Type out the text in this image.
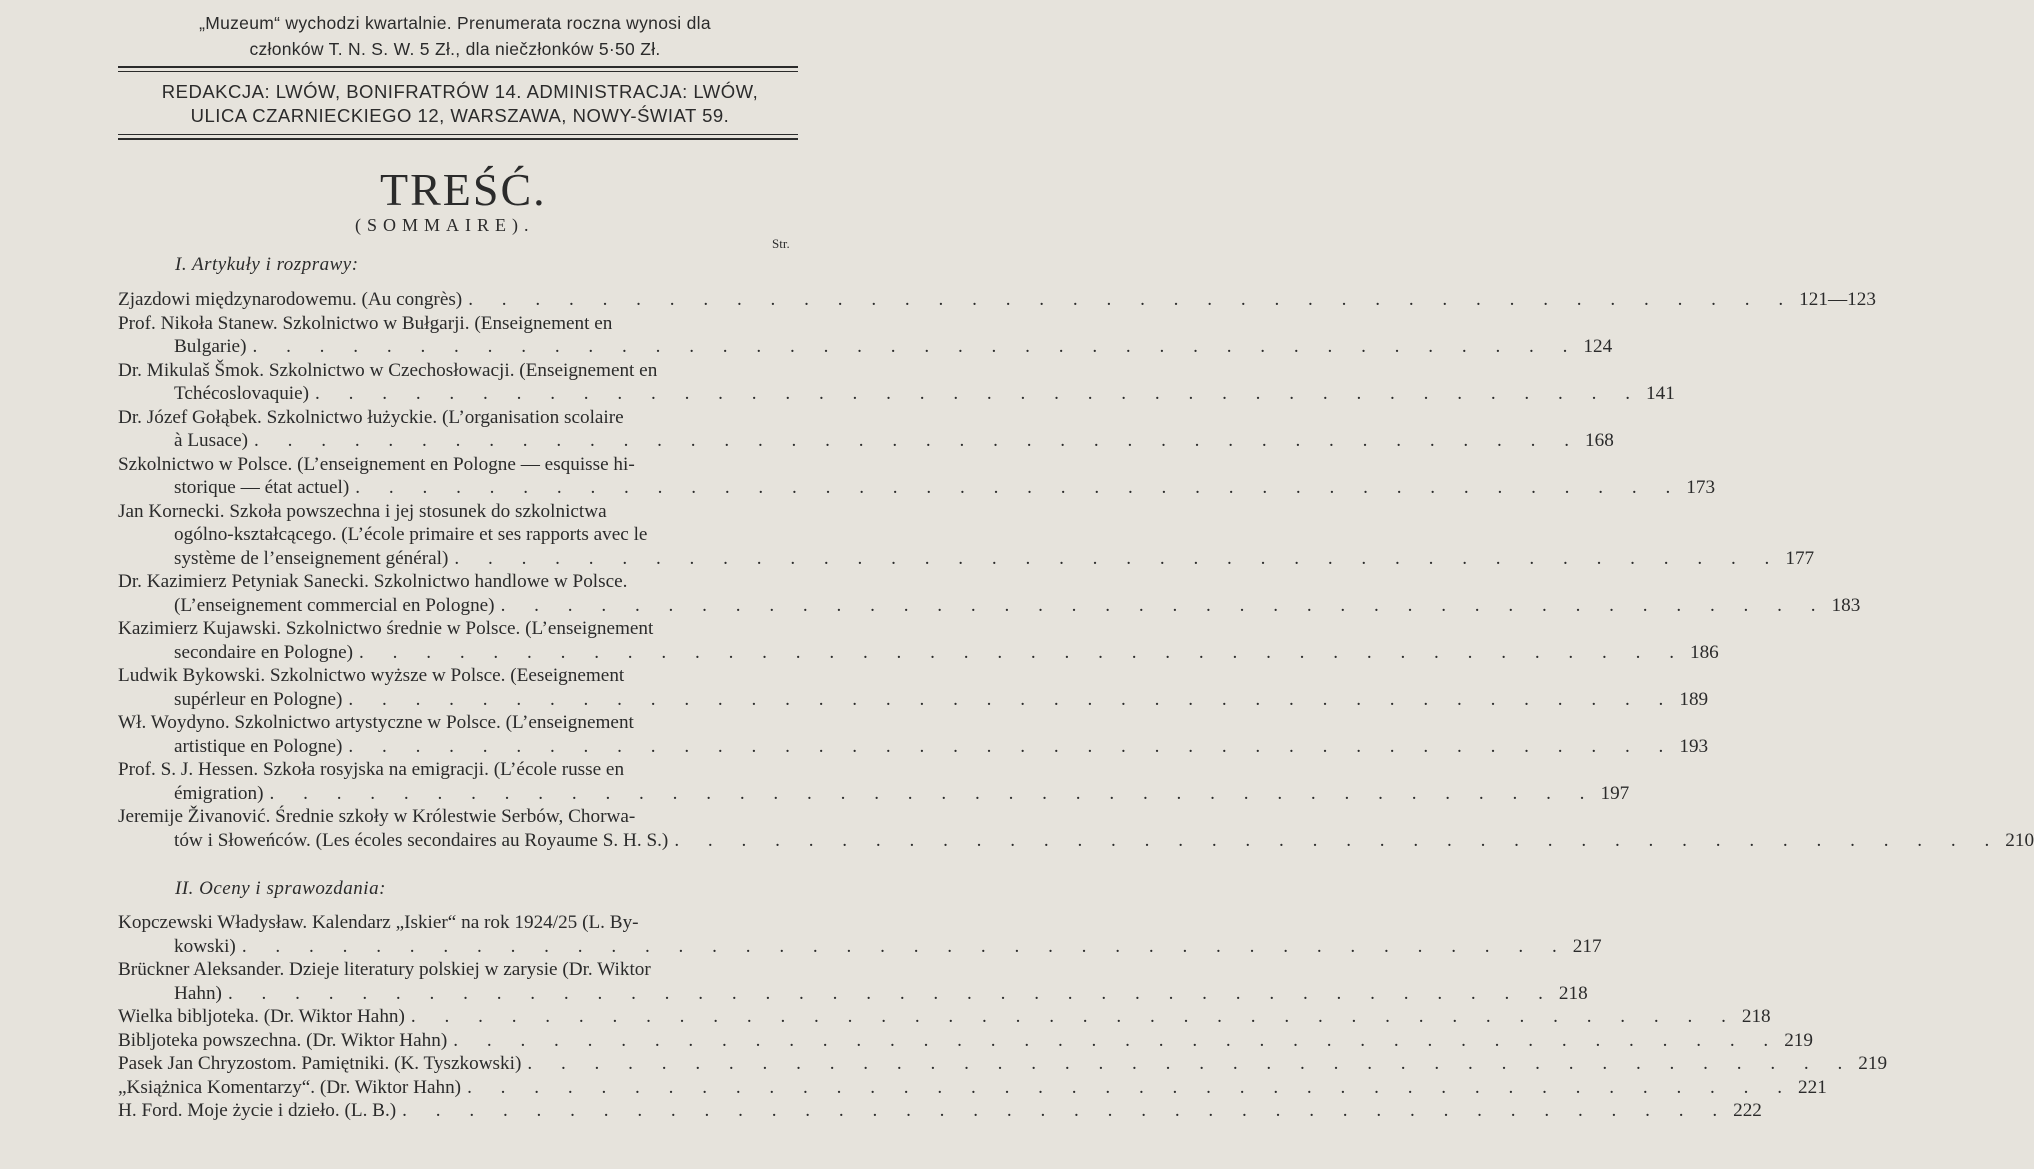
„Muzeum“ wychodzi kwartalnie. Prenumerata roczna wynosi dla
członków T. N. S. W. 5 Zł., dla niečzłonków 5·50 Zł.
REDAKCJA: LWÓW, BONIFRATRÓW 14. ADMINISTRACJA: LWÓW,
ULICA CZARNIECKIEGO 12, WARSZAWA, NOWY-ŚWIAT 59.
TREŚĆ.
(SOMMAIRE).
Str.
I. Artykuły i rozprawy:
Zjazdowi międzynarodowemu. (Au congrès) . . . . . . . . . . . . . . . . . . . . . . . . . . . . . . . . . . . . . . . . 121—123
Prof. Nikoła Stanew. Szkolnictwo w Bułgarji. (Enseignement en
Bulgarie) . . . . . . . . . . . . . . . . . . . . . . . . . . . . . . . . . . . . . . . . 124
Dr. Mikulaš Šmok. Szkolnictwo w Czechosłowacji. (Enseignement en
Tchécoslovaquie) . . . . . . . . . . . . . . . . . . . . . . . . . . . . . . . . . . . . . . . . 141
Dr. Józef Gołąbek. Szkolnictwo łużyckie. (L’organisation scolaire
à Lusace) . . . . . . . . . . . . . . . . . . . . . . . . . . . . . . . . . . . . . . . . 168
Szkolnictwo w Polsce. (L’enseignement en Pologne — esquisse hi-
storique — état actuel) . . . . . . . . . . . . . . . . . . . . . . . . . . . . . . . . . . . . . . . . 173
Jan Kornecki. Szkoła powszechna i jej stosunek do szkolnictwa
ogólno-kształcącego. (L’école primaire et ses rapports avec le
système de l’enseignement général) . . . . . . . . . . . . . . . . . . . . . . . . . . . . . . . . . . . . . . . . 177
Dr. Kazimierz Petyniak Sanecki. Szkolnictwo handlowe w Polsce.
(L’enseignement commercial en Pologne) . . . . . . . . . . . . . . . . . . . . . . . . . . . . . . . . . . . . . . . . 183
Kazimierz Kujawski. Szkolnictwo średnie w Polsce. (L’enseignement
secondaire en Pologne) . . . . . . . . . . . . . . . . . . . . . . . . . . . . . . . . . . . . . . . . 186
Ludwik Bykowski. Szkolnictwo wyższe w Polsce. (Eeseignement
supérleur en Pologne) . . . . . . . . . . . . . . . . . . . . . . . . . . . . . . . . . . . . . . . . 189
Wł. Woydyno. Szkolnictwo artystyczne w Polsce. (L’enseignement
artistique en Pologne) . . . . . . . . . . . . . . . . . . . . . . . . . . . . . . . . . . . . . . . . 193
Prof. S. J. Hessen. Szkoła rosyjska na emigracji. (L’école russe en
émigration) . . . . . . . . . . . . . . . . . . . . . . . . . . . . . . . . . . . . . . . . 197
Jeremije Živanović. Średnie szkoły w Królestwie Serbów, Chorwa-
tów i Słoweńców. (Les écoles secondaires au Royaume S. H. S.) . . . . . . . . . . . . . . . . . . . . . . . . . . . . . . . . . . . . . . . . 210
II. Oceny i sprawozdania:
Kopczewski Władysław. Kalendarz „Iskier“ na rok 1924/25 (L. By-
kowski) . . . . . . . . . . . . . . . . . . . . . . . . . . . . . . . . . . . . . . . . 217
Brückner Aleksander. Dzieje literatury polskiej w zarysie (Dr. Wiktor
Hahn) . . . . . . . . . . . . . . . . . . . . . . . . . . . . . . . . . . . . . . . . 218
Wielka bibljoteka. (Dr. Wiktor Hahn) . . . . . . . . . . . . . . . . . . . . . . . . . . . . . . . . . . . . . . . . 218
Bibljoteka powszechna. (Dr. Wiktor Hahn) . . . . . . . . . . . . . . . . . . . . . . . . . . . . . . . . . . . . . . . . 219
Pasek Jan Chryzostom. Pamiętniki. (K. Tyszkowski) . . . . . . . . . . . . . . . . . . . . . . . . . . . . . . . . . . . . . . . . 219
„Książnica Komentarzy“. (Dr. Wiktor Hahn) . . . . . . . . . . . . . . . . . . . . . . . . . . . . . . . . . . . . . . . . 221
H. Ford. Moje życie i dzieło. (L. B.) . . . . . . . . . . . . . . . . . . . . . . . . . . . . . . . . . . . . . . . . 222
